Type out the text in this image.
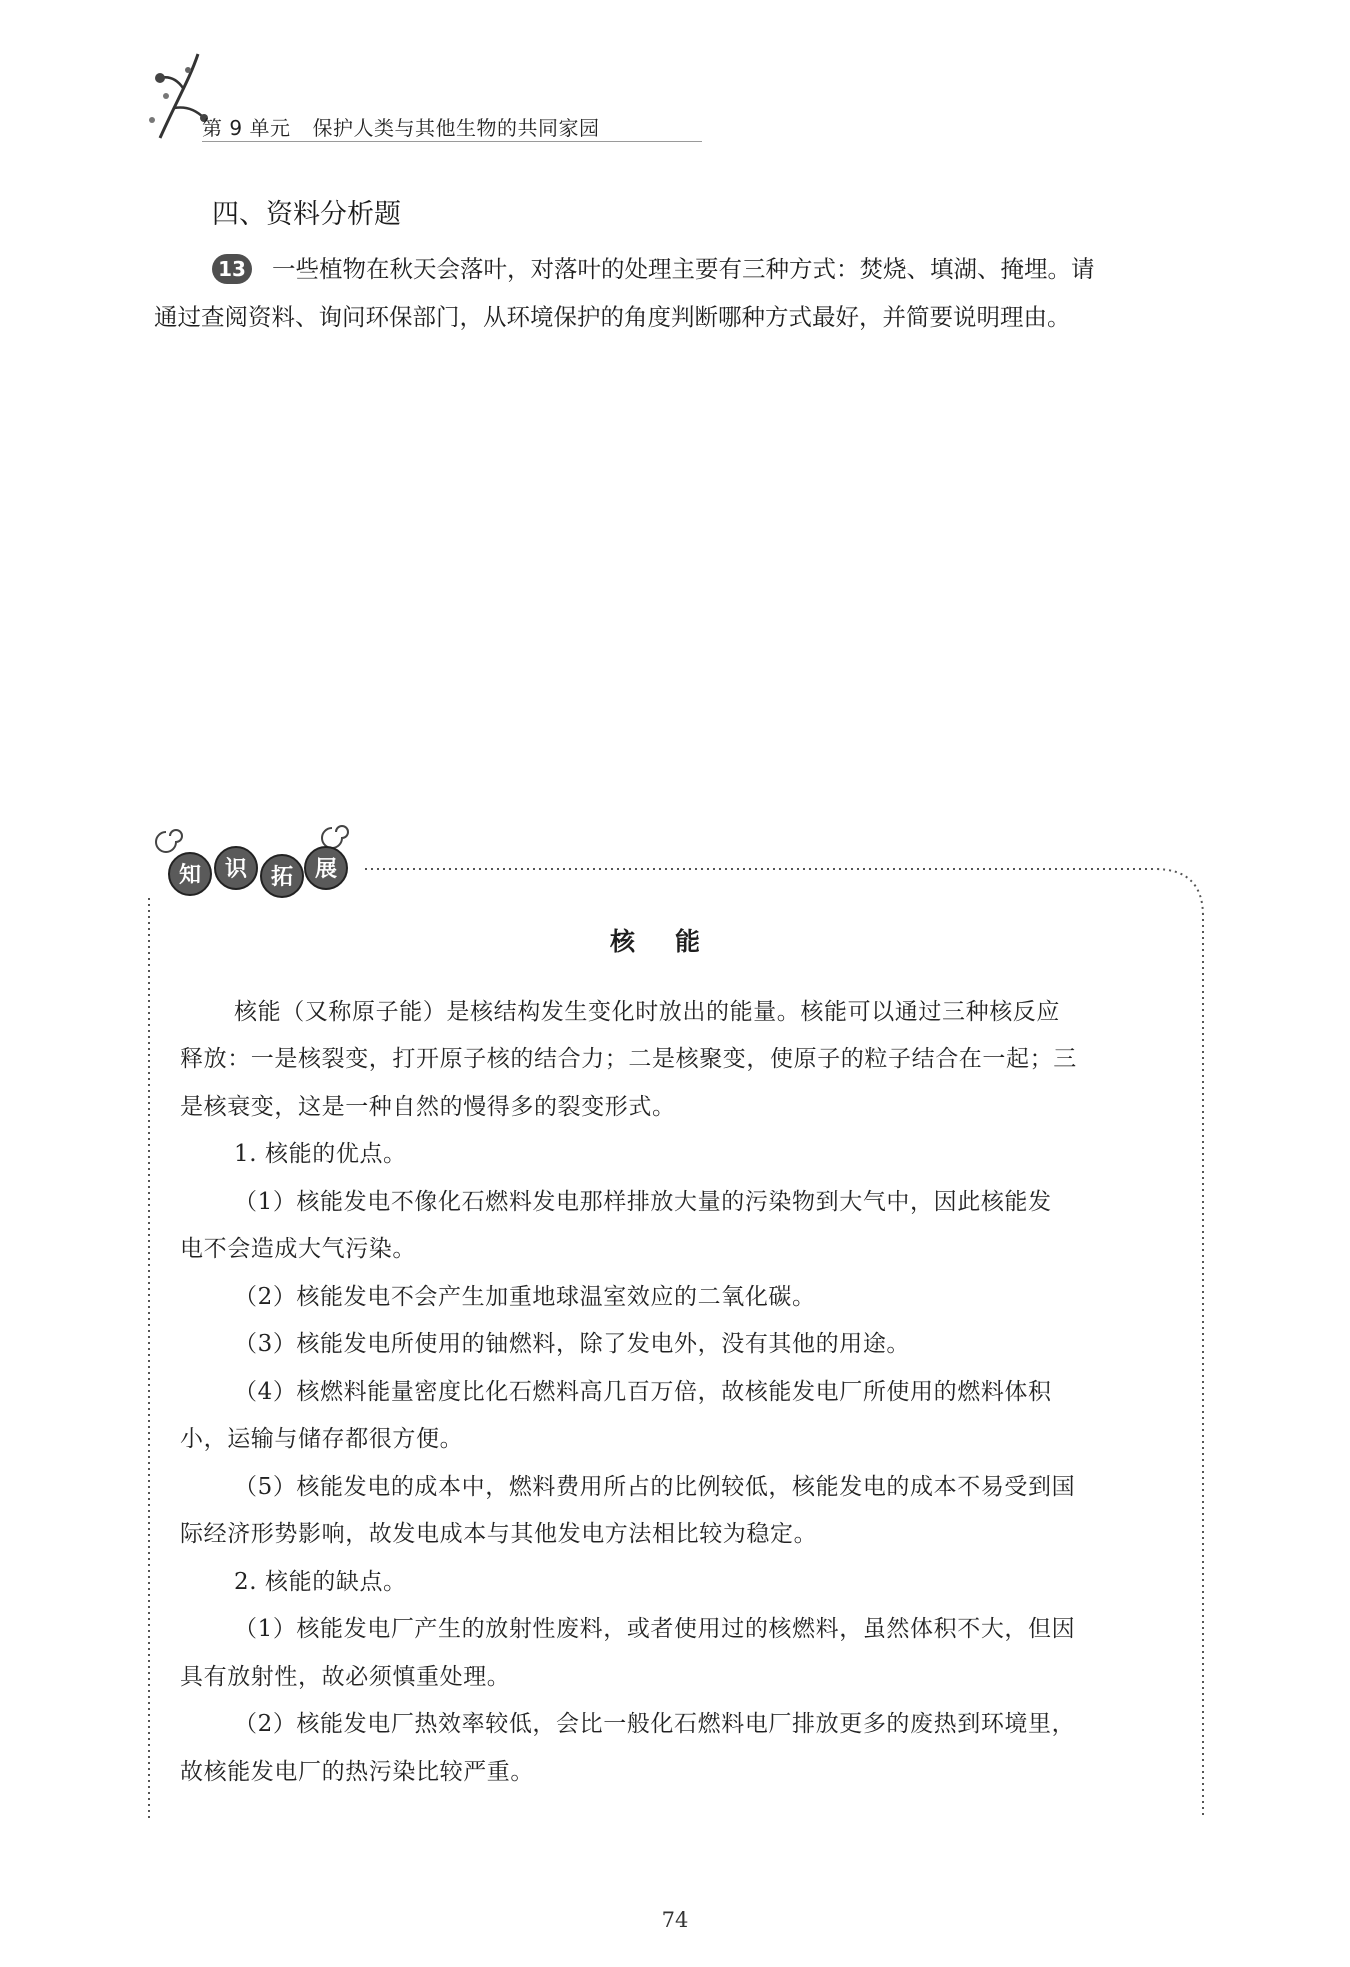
第 9 单元 保护人类与其他生物的共同家园
四、资料分析题
13 一些植物在秋天会落叶，对落叶的处理主要有三种方式：焚烧、填湖、掩埋。请
通过查阅资料、询问环保部门，从环境保护的角度判断哪种方式最好，并简要说明理由。
知 识 拓 展
核能
核能（又称原子能）是核结构发生变化时放出的能量。核能可以通过三种核反应
释放：一是核裂变，打开原子核的结合力；二是核聚变，使原子的粒子结合在一起；三
是核衰变，这是一种自然的慢得多的裂变形式。
1. 核能的优点。
（1）核能发电不像化石燃料发电那样排放大量的污染物到大气中，因此核能发
电不会造成大气污染。
（2）核能发电不会产生加重地球温室效应的二氧化碳。
（3）核能发电所使用的铀燃料，除了发电外，没有其他的用途。
（4）核燃料能量密度比化石燃料高几百万倍，故核能发电厂所使用的燃料体积
小，运输与储存都很方便。
（5）核能发电的成本中，燃料费用所占的比例较低，核能发电的成本不易受到国
际经济形势影响，故发电成本与其他发电方法相比较为稳定。
2. 核能的缺点。
（1）核能发电厂产生的放射性废料，或者使用过的核燃料，虽然体积不大，但因
具有放射性，故必须慎重处理。
（2）核能发电厂热效率较低，会比一般化石燃料电厂排放更多的废热到环境里，
故核能发电厂的热污染比较严重。
74
